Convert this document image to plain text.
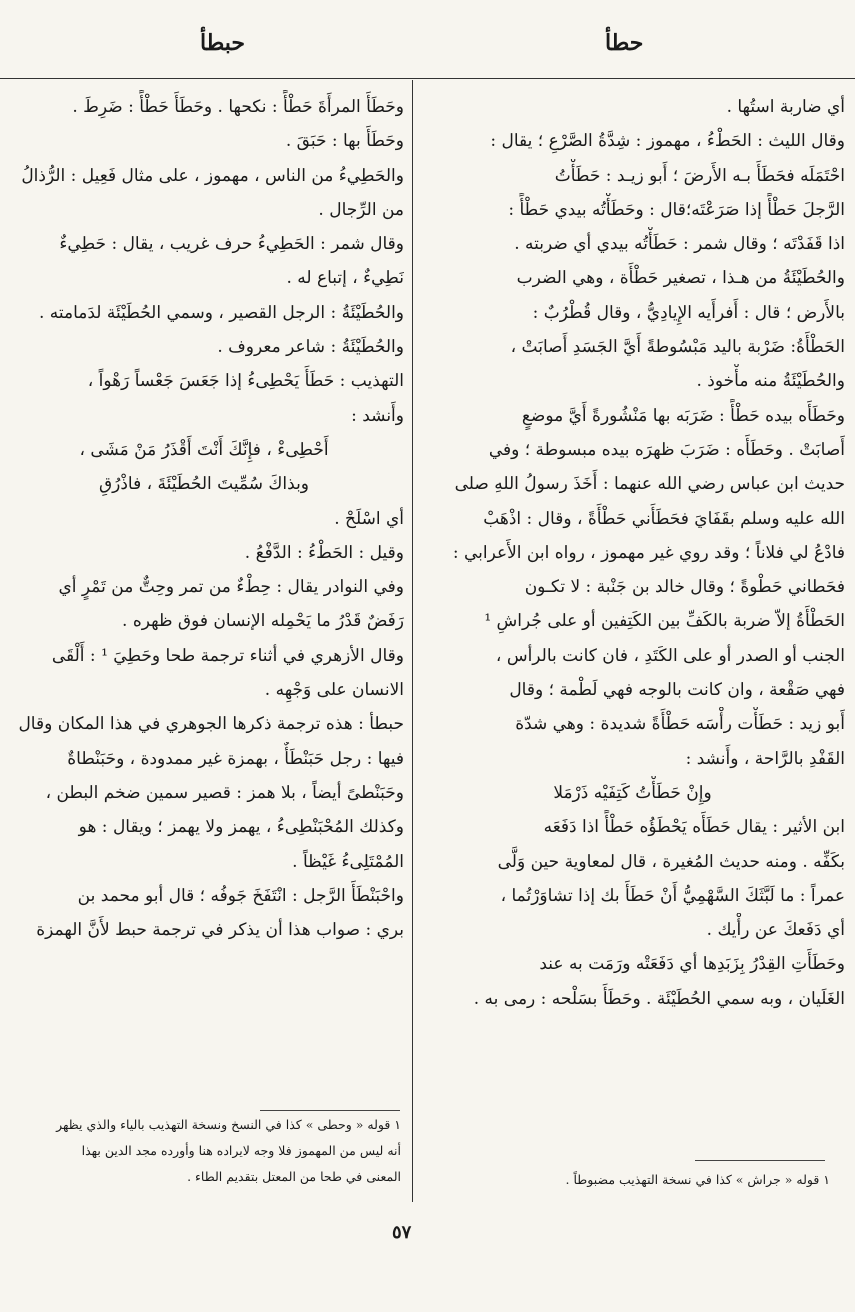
حطأ
حبطأ
أي ضاربة استُها .
وقال الليث : الحَطْءُ ، مهموز : شِدَّةُ الصَّرْعِ ؛ يقال :
احْتَمَلَه فحَطَأَ بـه الأَرضَ ؛ أَبو زيـد : حَطَأْتُ
الرَّجلَ حَطْأً إذا صَرَعْتَه؛قال : وحَطَأْتُه بيدي حَطْأً :
اذا قَفَدْتَه ؛ وقال شمر : حَطَأْتُه بيدي أي ضربته .
والحُطَيْئَةُ من هـذا ، تصغير حَطْأَة ، وهي الضرب
بالأَرض ؛ قال : أَفرأَيه الإِيادِيُّ ، وقال قُطْرُبٌ :
الحَطْأَةُ: ضَرْبة باليد مَبْسُوطةً أَيَّ الجَسَدِ أَصابَتْ ،
والحُطَيْئَةُ منه مأْخوذ .
وحَطَأَه بيده حَطْأً : ضَرَبَه بها مَنْشُورةً أَيَّ موضعٍ
أَصابَتْ . وحَطَأَه : ضَرَبَ ظهرَه بيده مبسوطة ؛ وفي
حديث ابن عباس رضي الله عنهما : أَخَذَ رسولُ اللهِ صلى
الله عليه وسلم بقَفَايَ فحَطَأَني حَطْأَةً ، وقال : اذْهَبْ
فادْعُ لي فلاناً ؛ وقد روي غير مهموز ، رواه ابن الأَعرابي :
فحَطاني حَطْوةً ؛ وقال خالد بن جَنْبة : لا تكـون
الحَطْأَةُ إلاّ ضربة بالكَفِّ بين الكَتِفين أو على جُراشِ ¹
الجنب أو الصدر أو على الكَتَدِ ، فان كانت بالرأس ،
فهي صَقْعة ، وان كانت بالوجه فهي لَطْمة ؛ وقال
أَبو زيد : حَطَأْت رأْسَه حَطْأَةً شديدة : وهي شدّة
القَفْدِ بالرَّاحة ، وأَنشد :
وإِنْ حَطَأْتُ كَتِفَيْه ذَرْمَلا
ابن الأثير : يقال حَطَأَه يَحْطَؤُه حَطْأً اذا دَفَعَه
بكَفِّه . ومنه حديث المُغيرة ، قال لمعاوية حين وَلَّى
عمراً : ما لَبَّثَكَ السَّهْمِيُّ أَنْ حَطَأَ بك إذا تشاوَرْتُما ،
أي دَفَعكَ عن رأْيك .
وحَطَأَتِ القِدْرُ بِزَبَدِها أي دَفَعَتْه ورَمَت به عند
الغَلَيان ، وبه سمي الحُطَيْئَة . وحَطَأَ بسَلْحه : رمى به .
وحَطَأَ المرأَةَ حَطْأً : نكحها . وحَطَأَ حَطْأً : ضَرِطَ .
وحَطَأَ بها : حَبَقَ .
والحَطِيءُ من الناس ، مهموز ، على مثال فَعِيل : الرُّذالُ
من الرِّجال .
وقال شمر : الحَطِيءُ حرف غريب ، يقال : حَطِيءٌ
نَطِيءٌ ، إتباع له .
والحُطَيْئَةُ : الرجل القصير ، وسمي الحُطَيْئَة لدَمامته .
والحُطَيْئَةُ : شاعر معروف .
التهذيب : حَطَأَ يَحْطِىءُ إذا جَعَسَ جَعْساً رَهْواً ،
وأَنشد :
أَحْطِىءْ ، فإِنَّكَ أَنْتَ أَقْذَرُ مَنْ مَشَى ،
وبذاكَ سُمِّيتَ الحُطَيْئَةَ ، فاذْرُقِ
أي اسْلَحْ .
وقيل : الحَطْءُ : الدَّفْعُ .
وفي النوادر يقال : حِطْءٌ من تمر وحِتٌّ من تَمْرٍ أي
رَفَضٌ قَدْرُ ما يَحْمِله الإنسان فوق ظهره .
وقال الأزهري في أثناء ترجمة طحا وحَطِيَ ¹ : أَلْقَى
الانسان على وَجْهِه .
حبطأ : هذه ترجمة ذكرها الجوهري في هذا المكان وقال
فيها : رجل حَبَنْطَأٌ ، بهمزة غير ممدودة ، وحَبَنْطاةٌ
وحَبَنْطىً أيضاً ، بلا همز : قصير سمين ضخم البطن ،
وكذلك المُحْبَنْطِىءُ ، يهمز ولا يهمز ؛ ويقال : هو
المُمْتَلِىءُ غَيْظاً .
واحْبَنْطَأَ الرَّجل : انْتَفَخَ جَوفُه ؛ قال أبو محمد بن
بري : صواب هذا أن يذكر في ترجمة حبط لأَنَّ الهمزة
١ قوله « جراش » كذا في نسخة التهذيب مضبوطاً .
١ قوله « وحطى » كذا في النسخ ونسخة التهذيب بالياء والذي يظهر
أنه ليس من المهموز فلا وجه لايراده هنا وأورده مجد الدين بهذا
المعنى في طحا من المعتل بتقديم الطاء .
٥٧
